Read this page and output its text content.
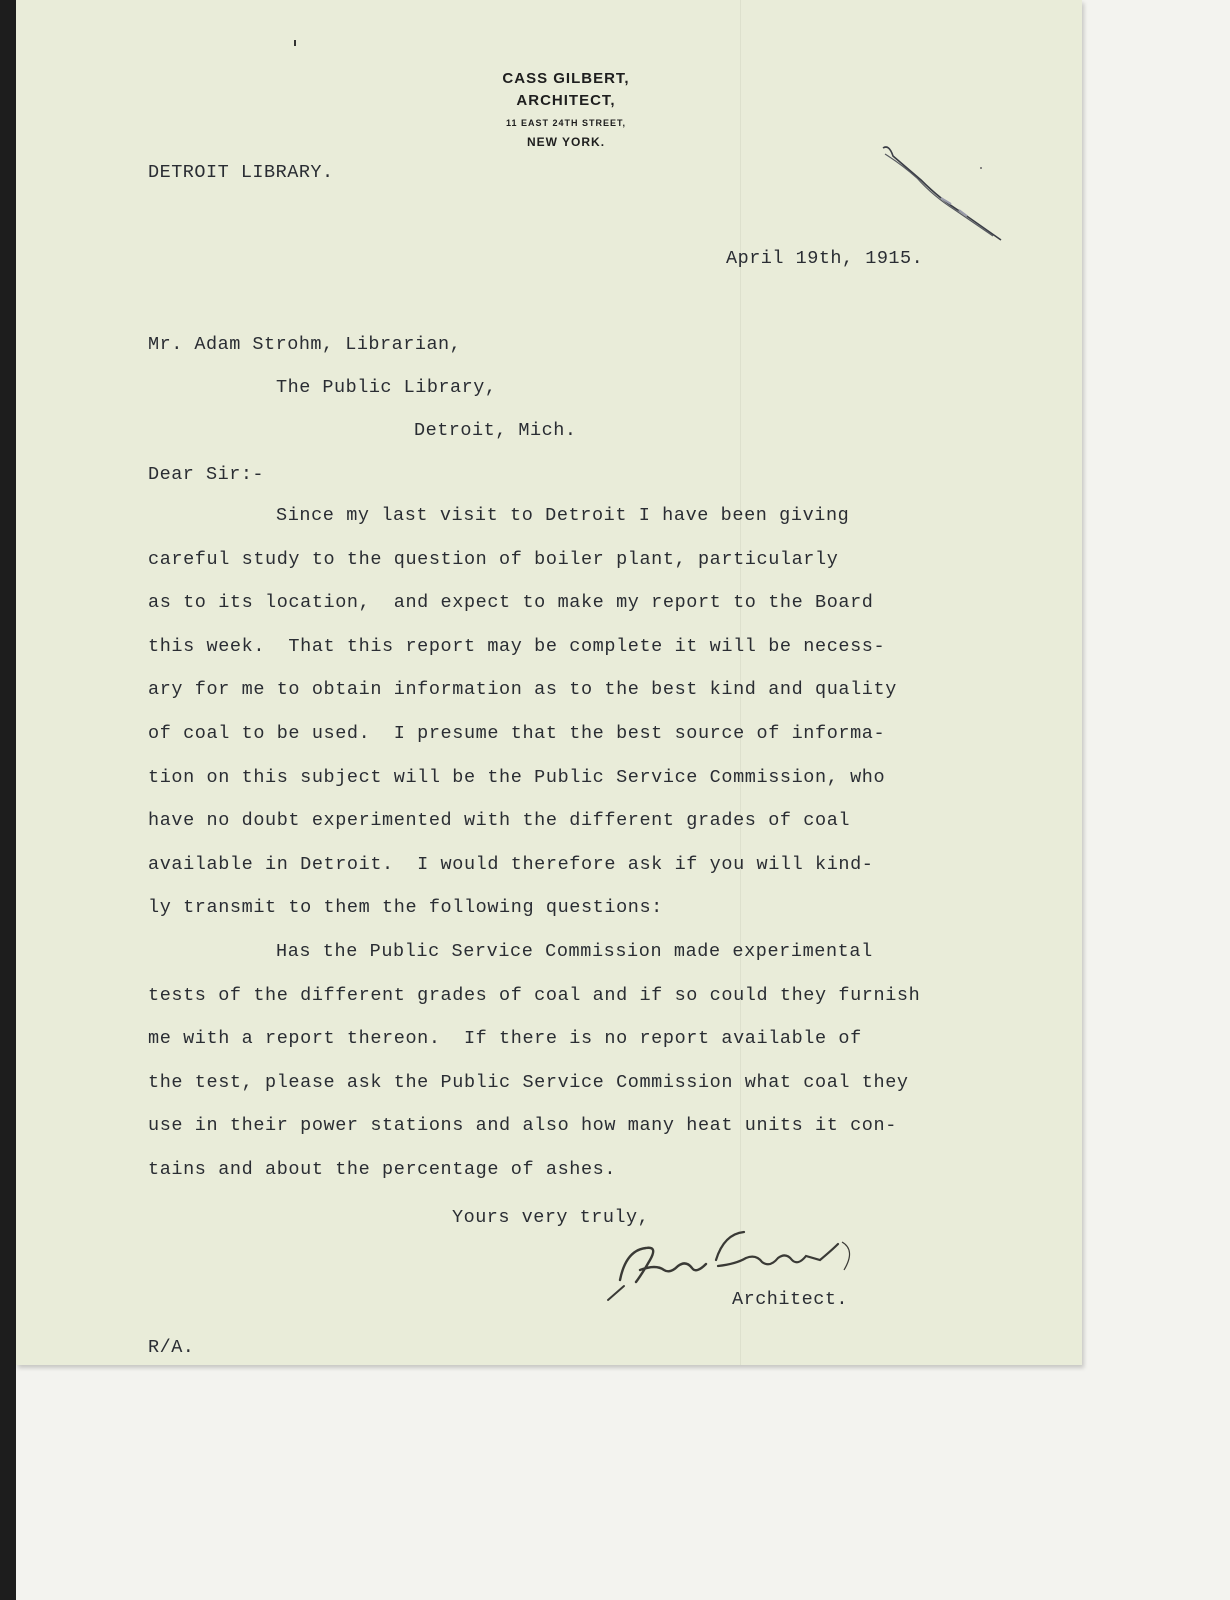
CASS GILBERT,
ARCHITECT,
11 EAST 24TH STREET,
NEW YORK.
DETROIT LIBRARY.
April 19th, 1915.
Mr. Adam Strohm, Librarian,
The Public Library,
Detroit, Mich.
Dear Sir:-
Since my last visit to Detroit I have been giving
careful study to the question of boiler plant, particularly
as to its location,  and expect to make my report to the Board
this week.  That this report may be complete it will be necess-
ary for me to obtain information as to the best kind and quality
of coal to be used.  I presume that the best source of informa-
tion on this subject will be the Public Service Commission, who
have no doubt experimented with the different grades of coal
available in Detroit.  I would therefore ask if you will kind-
ly transmit to them the following questions:
Has the Public Service Commission made experimental
tests of the different grades of coal and if so could they furnish
me with a report thereon.  If there is no report available of
the test, please ask the Public Service Commission what coal they
use in their power stations and also how many heat units it con-
tains and about the percentage of ashes.
Yours very truly,
Architect.
R/A.
